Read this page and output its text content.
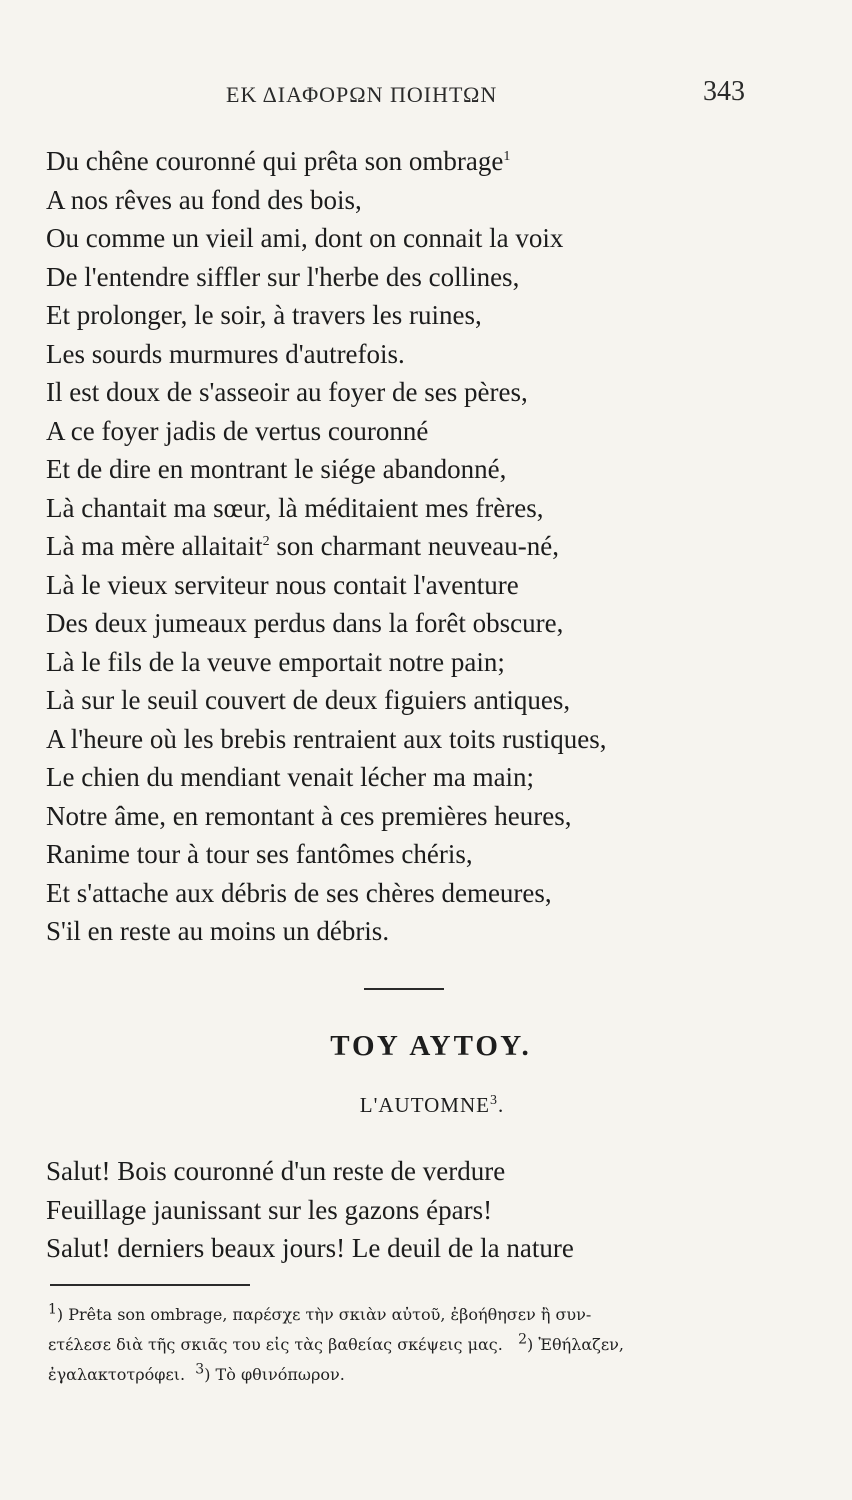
ΕΚ ΔΙΑΦΟΡΩΝ ΠΟΙΗΤΩΝ	343
Du chêne couronné qui prêta son ombrage$^1$
A nos rêves au fond des bois,
Ou comme un vieil ami, dont on connait la voix
De l'entendre siffler sur l'herbe des collines,
Et prolonger, le soir, à travers les ruines,
Les sourds murmures d'autrefois.
Il est doux de s'asseoir au foyer de ses pères,
A ce foyer jadis de vertus couronné
Et de dire en montrant le siége abandonné,
Là chantait ma sœur, là méditaient mes frères,
Là ma mère allaitait$^2$ son charmant neuveau-né,
Là le vieux serviteur nous contait l'aventure
Des deux jumeaux perdus dans la forêt obscure,
Là le fils de la veuve emportait notre pain;
Là sur le seuil couvert de deux figuiers antiques,
A l'heure où les brebis rentraient aux toits rustiques,
Le chien du mendiant venait lécher ma main;
Notre âme, en remontant à ces premières heures,
Ranime tour à tour ses fantômes chéris,
Et s'attache aux débris de ses chères demeures,
S'il en reste au moins un débris.
ΤΟΥ ΑΥΤΟΥ.
L'AUTOMNE$^3$.
Salut! Bois couronné d'un reste de verdure
Feuillage jaunissant sur les gazons épars!
Salut! derniers beaux jours! Le deuil de la nature
$^1$) Prêta son ombrage, παρέσχε τὴν σκιὰν αὐτοῦ, ἐβοήθησεν ἢ συν-
ετέλεσε διὰ τῆς σκιᾶς του εἰς τὰς βαθείας σκέψεις μας. $^2$) Ἐθήλαζεν,
ἐγαλακτοτρόφει. $^3$) Τὸ φθινόπωρον.
